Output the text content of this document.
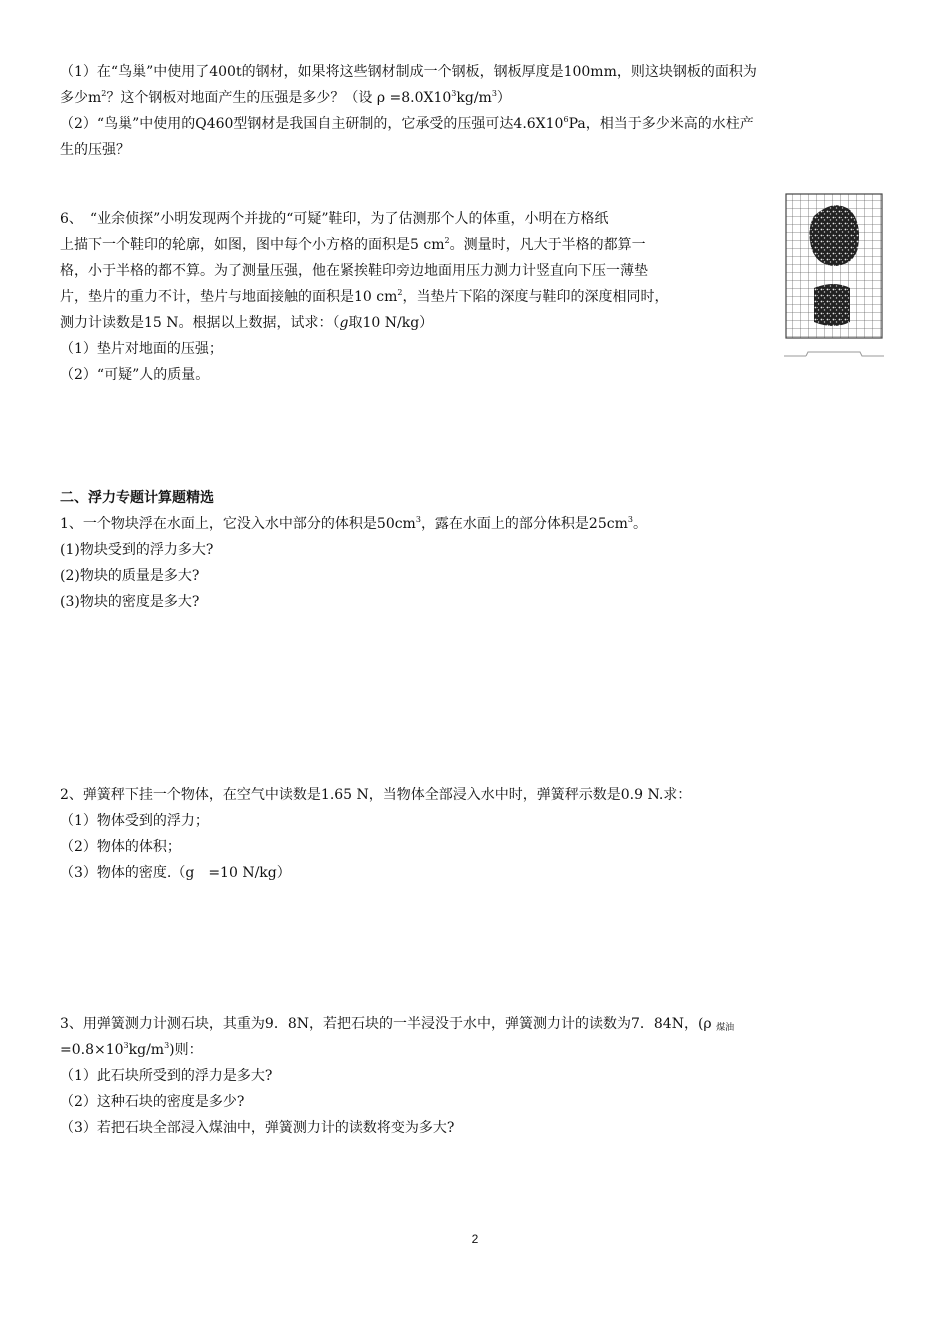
（1）在“鸟巢”中使用了400t的钢材，如果将这些钢材制成一个钢板，钢板厚度是100mm，则这块钢板的面积为
多少$m^2$？这个钢板对地面产生的压强是多少？（设 $\rho =8.0X10^3kg/m^3$）
（2）“鸟巢”中使用的Q460型钢材是我国自主研制的，它承受的压强可达$4.6X10^6Pa$，相当于多少米高的水柱产
生的压强？
6、　“业余侦探”小明发现两个并拢的“可疑”鞋印，为了估测那个人的体重，小明在方格纸
上描下一个鞋印的轮廓，如图，图中每个小方格的面积是5 $cm^2$。测量时，凡大于半格的都算一
格，小于半格的都不算。为了测量压强，他在紧挨鞋印旁边地面用压力测力计竖直向下压一薄垫
片，垫片的重力不计，垫片与地面接触的面积是10 $cm^2$，当垫片下陷的深度与鞋印的深度相同时，
测力计读数是15 N。根据以上数据，试求：（g取10 N/kg）
（1）垫片对地面的压强；
（2）“可疑”人的质量。
二、浮力专题计算题精选
1、一个物块浮在水面上，它没入水中部分的体积是$50cm^3$，露在水面上的部分体积是$25cm^3$。
(1)物块受到的浮力多大?
(2)物块的质量是多大?
(3)物块的密度是多大?
2、弹簧秤下挂一个物体，在空气中读数是1.65 N，当物体全部浸入水中时，弹簧秤示数是0.9 N.求：
（1）物体受到的浮力；
（2）物体的体积；
（3）物体的密度.（g　=10 N/kg）
3、用弹簧测力计测石块，其重为9．8N，若把石块的一半浸没于水中，弹簧测力计的读数为7．84N，(ρ 煤油
$=0.8\times 10^3kg/m^3$)则：
（1）此石块所受到的浮力是多大?
（2）这种石块的密度是多少?
（3）若把石块全部浸入煤油中，弹簧测力计的读数将变为多大?
2
